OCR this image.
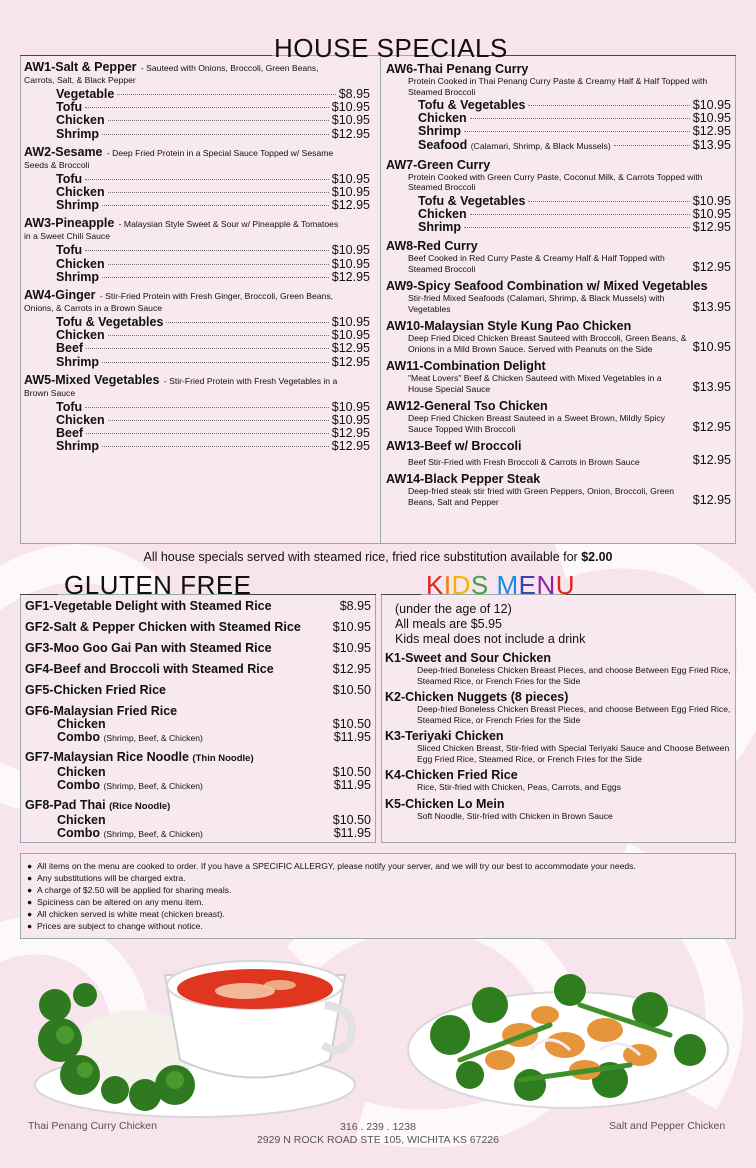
HOUSE SPECIALS
AW1-Salt & Pepper - Sauteed with Onions, Broccoli, Green Beans, Carrots, Salt, & Black Pepper
Vegetable	$8.95
Tofu	$10.95
Chicken	$10.95
Shrimp	$12.95
AW2-Sesame - Deep Fried Protein in a Special Sauce Topped w/ Sesame Seeds & Broccoli
Tofu	$10.95
Chicken	$10.95
Shrimp	$12.95
AW3-Pineapple - Malaysian Style Sweet & Sour w/ Pineapple & Tomatoes in a Sweet Chili Sauce
Tofu	$10.95
Chicken	$10.95
Shrimp	$12.95
AW4-Ginger - Stir-Fried Protein with Fresh Ginger, Broccoli, Green Beans, Onions, & Carrots in a Brown Sauce
Tofu & Vegetables	$10.95
Chicken	$10.95
Beef	$12.95
Shrimp	$12.95
AW5-Mixed Vegetables - Stir-Fried Protein with Fresh Vegetables in a Brown Sauce
Tofu	$10.95
Chicken	$10.95
Beef	$12.95
Shrimp	$12.95
AW6-Thai Penang Curry
Protein Cooked in Thai Penang Curry Paste & Creamy Half & Half Topped with Steamed Broccoli
Tofu & Vegetables	$10.95
Chicken	$10.95
Shrimp	$12.95
Seafood (Calamari, Shrimp, & Black Mussels)	$13.95
AW7-Green Curry
Protein Cooked with Green Curry Paste, Coconut Milk, & Carrots Topped with Steamed Broccoli
Tofu & Vegetables	$10.95
Chicken	$10.95
Shrimp	$12.95
AW8-Red Curry
Beef Cooked in Red Curry Paste & Creamy Half & Half Topped with Steamed Broccoli	$12.95
AW9-Spicy Seafood Combination w/ Mixed Vegetables
Stir-fried Mixed Seafoods (Calamari, Shrimp, & Black Mussels) with Vegetables	$13.95
AW10-Malaysian Style Kung Pao Chicken
Deep Fried Diced Chicken Breast Sauteed with Broccoli, Green Beans, & Onions in a Mild Brown Sauce. Served with Peanuts on the Side	$10.95
AW11-Combination Delight
"Meat Lovers" Beef & Chicken Sauteed with Mixed Vegetables in a House Special Sauce	$13.95
AW12-General Tso Chicken
Deep Fried Chicken Breast Sauteed in a Sweet Brown, Mildly Spicy Sauce Topped With Broccoli	$12.95
AW13-Beef w/ Broccoli
Beef Stir-Fried with Fresh Broccoli & Carrots in Brown Sauce	$12.95
AW14-Black Pepper Steak
Deep-fried steak stir fried with Green Peppers, Onion, Broccoli, Green Beans, Salt and Pepper	$12.95
All house specials served with steamed rice, fried rice substitution available for $2.00
GLUTEN FREE
GF1-Vegetable Delight with Steamed Rice	$8.95
GF2-Salt & Pepper Chicken with Steamed Rice	$10.95
GF3-Moo Goo Gai Pan with Steamed Rice	$10.95
GF4-Beef and Broccoli with Steamed Rice	$12.95
GF5-Chicken Fried Rice	$10.50
GF6-Malaysian Fried Rice
Chicken	$10.50
Combo (Shrimp, Beef, & Chicken)	$11.95
GF7-Malaysian Rice Noodle (Thin Noodle)
Chicken	$10.50
Combo (Shrimp, Beef, & Chicken)	$11.95
GF8-Pad Thai (Rice Noodle)
Chicken	$10.50
Combo (Shrimp, Beef, & Chicken)	$11.95
KIDS MENU
(under the age of 12)
All meals are $5.95
Kids meal does not include a drink
K1-Sweet and Sour Chicken
Deep-fried Boneless Chicken Breast Pieces, and choose Between Egg Fried Rice, Steamed Rice, or French Fries for the Side
K2-Chicken Nuggets (8 pieces)
Deep-fried Boneless Chicken Breast Pieces, and choose Between Egg Fried Rice, Steamed Rice, or French Fries for the Side
K3-Teriyaki Chicken
Sliced Chicken Breast, Stir-fried with Special Teriyaki Sauce and Choose Between Egg Fried Rice, Steamed Rice, or French Fries for the Side
K4-Chicken Fried Rice
Rice, Stir-fried with Chicken, Peas, Carrots, and Eggs
K5-Chicken Lo Mein
Soft Noodle, Stir-fried with Chicken in Brown Sauce
● All items on the menu are cooked to order. If you have a SPECIFIC ALLERGY, please notify your server, and we will try our best to accommodate your needs.
● Any substitutions will be charged extra.
● A charge of $2.50 will be applied for sharing meals.
● Spiciness can be altered on any menu item.
● All chicken served is white meat (chicken breast).
● Prices are subject to change without notice.
Thai Penang Curry Chicken	Salt and Pepper Chicken
316 . 239 . 1238
2929 N ROCK ROAD STE 105, WICHITA KS 67226
